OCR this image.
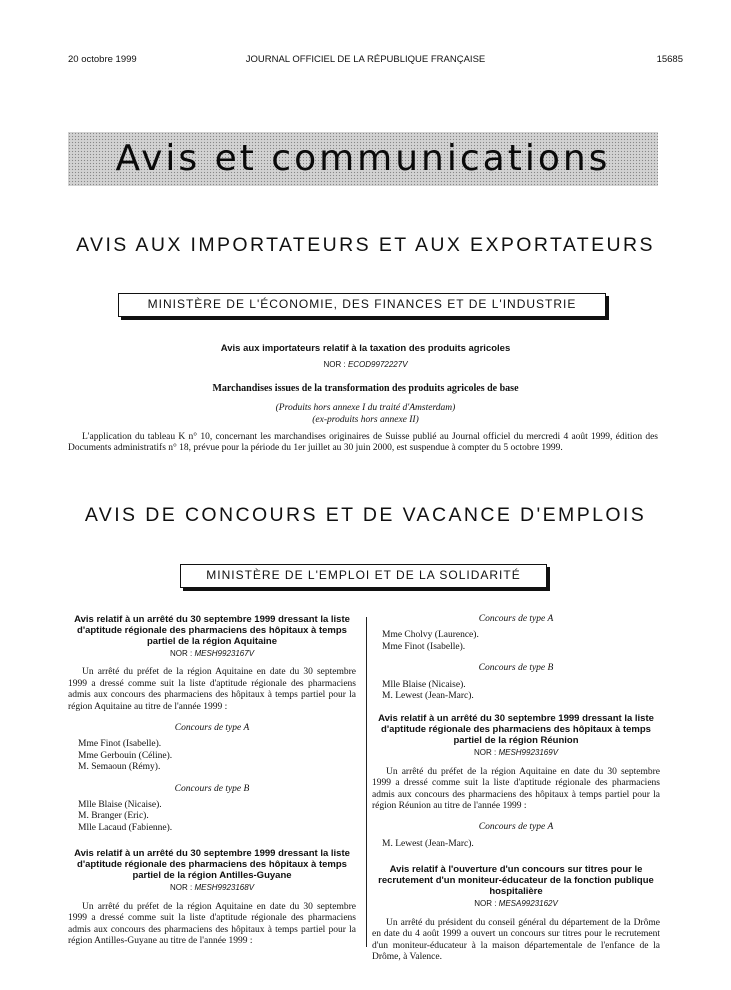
20 octobre 1999	JOURNAL OFFICIEL DE LA RÉPUBLIQUE FRANÇAISE	15685
Avis et communications
AVIS AUX IMPORTATEURS ET AUX EXPORTATEURS
MINISTÈRE DE L'ÉCONOMIE, DES FINANCES ET DE L'INDUSTRIE
Avis aux importateurs relatif à la taxation des produits agricoles
NOR : ECOD9972227V
Marchandises issues de la transformation des produits agricoles de base
(Produits hors annexe I du traité d'Amsterdam)
(ex-produits hors annexe II)
L'application du tableau K n° 10, concernant les marchandises originaires de Suisse publié au Journal officiel du mercredi 4 août 1999, édition des Documents administratifs n° 18, prévue pour la période du 1er juillet au 30 juin 2000, est suspendue à compter du 5 octobre 1999.
AVIS DE CONCOURS ET DE VACANCE D'EMPLOIS
MINISTÈRE DE L'EMPLOI ET DE LA SOLIDARITÉ
Avis relatif à un arrêté du 30 septembre 1999 dressant la liste d'aptitude régionale des pharmaciens des hôpitaux à temps partiel de la région Aquitaine
NOR : MESH9923167V
Un arrêté du préfet de la région Aquitaine en date du 30 septembre 1999 a dressé comme suit la liste d'aptitude régionale des pharmaciens admis aux concours des pharmaciens des hôpitaux à temps partiel pour la région Aquitaine au titre de l'année 1999 :
Concours de type A
Mme Finot (Isabelle).
Mme Gerbouin (Céline).
M. Semaoun (Rémy).
Concours de type B
Mlle Blaise (Nicaise).
M. Branger (Eric).
Mlle Lacaud (Fabienne).
Avis relatif à un arrêté du 30 septembre 1999 dressant la liste d'aptitude régionale des pharmaciens des hôpitaux à temps partiel de la région Antilles-Guyane
NOR : MESH9923168V
Un arrêté du préfet de la région Aquitaine en date du 30 septembre 1999 a dressé comme suit la liste d'aptitude régionale des pharmaciens admis aux concours des pharmaciens des hôpitaux à temps partiel pour la région Antilles-Guyane au titre de l'année 1999 :
Concours de type A
Mme Cholvy (Laurence).
Mme Finot (Isabelle).
Concours de type B
Mlle Blaise (Nicaise).
M. Lewest (Jean-Marc).
Avis relatif à un arrêté du 30 septembre 1999 dressant la liste d'aptitude régionale des pharmaciens des hôpitaux à temps partiel de la région Réunion
NOR : MESH9923169V
Un arrêté du préfet de la région Aquitaine en date du 30 septembre 1999 a dressé comme suit la liste d'aptitude régionale des pharmaciens admis aux concours des pharmaciens des hôpitaux à temps partiel pour la région Réunion au titre de l'année 1999 :
Concours de type A
M. Lewest (Jean-Marc).
Avis relatif à l'ouverture d'un concours sur titres pour le recrutement d'un moniteur-éducateur de la fonction publique hospitalière
NOR : MESA9923162V
Un arrêté du président du conseil général du département de la Drôme en date du 4 août 1999 a ouvert un concours sur titres pour le recrutement d'un moniteur-éducateur à la maison départementale de l'enfance de la Drôme, à Valence.
